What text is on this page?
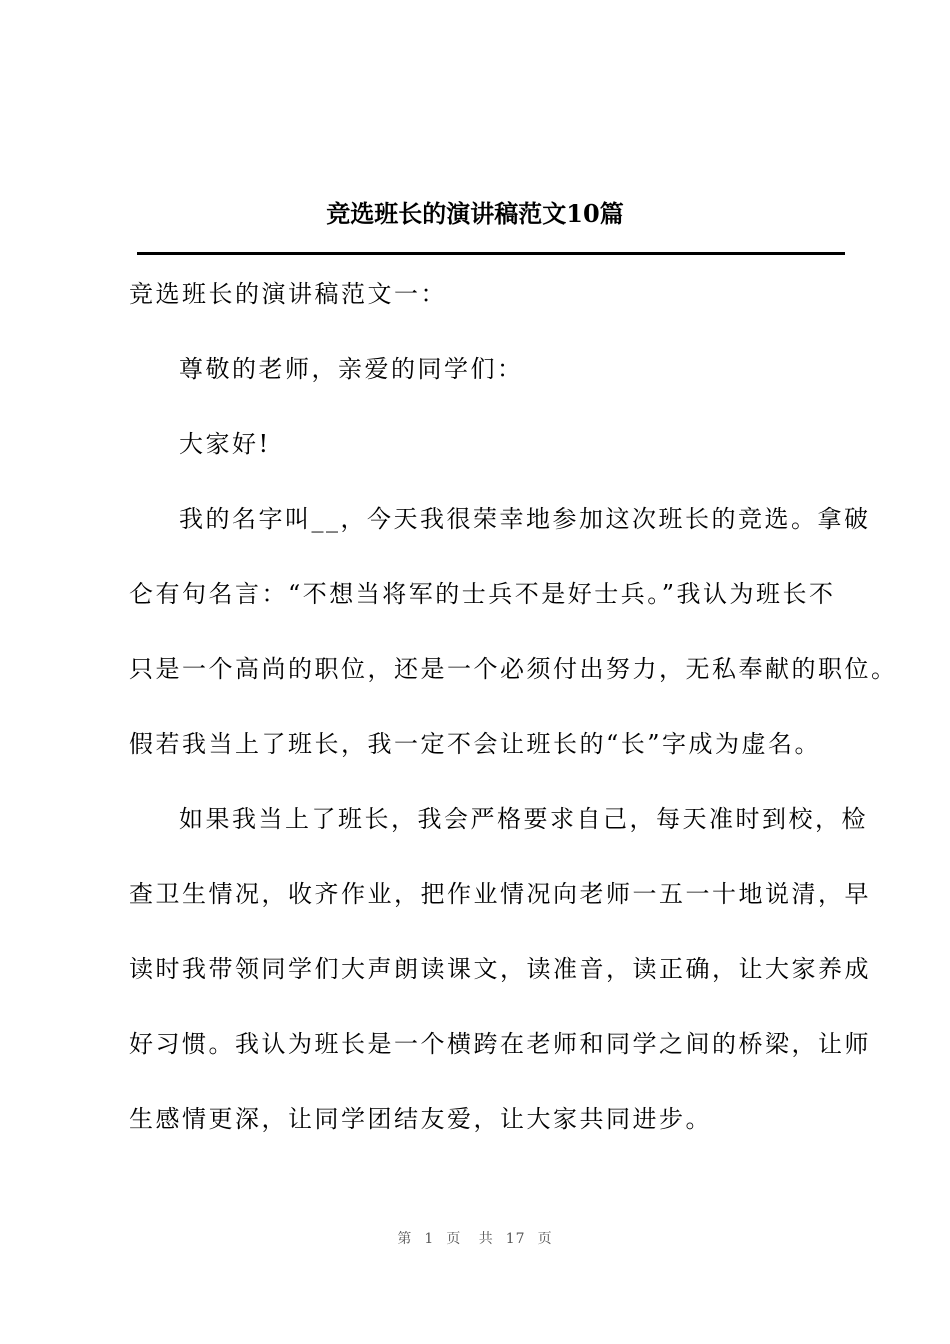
竞选班长的演讲稿范文10篇
竞选班长的演讲稿范文一：
尊敬的老师，亲爱的同学们：
大家好!
我的名字叫__，今天我很荣幸地参加这次班长的竞选。拿破
仑有句名言：“不想当将军的士兵不是好士兵。”我认为班长不
只是一个高尚的职位，还是一个必须付出努力，无私奉献的职位。
假若我当上了班长，我一定不会让班长的“长”字成为虚名。
如果我当上了班长，我会严格要求自己，每天准时到校，检
查卫生情况，收齐作业，把作业情况向老师一五一十地说清，早
读时我带领同学们大声朗读课文，读准音，读正确，让大家养成
好习惯。我认为班长是一个横跨在老师和同学之间的桥梁，让师
生感情更深，让同学团结友爱，让大家共同进步。
第 1 页 共 17 页
